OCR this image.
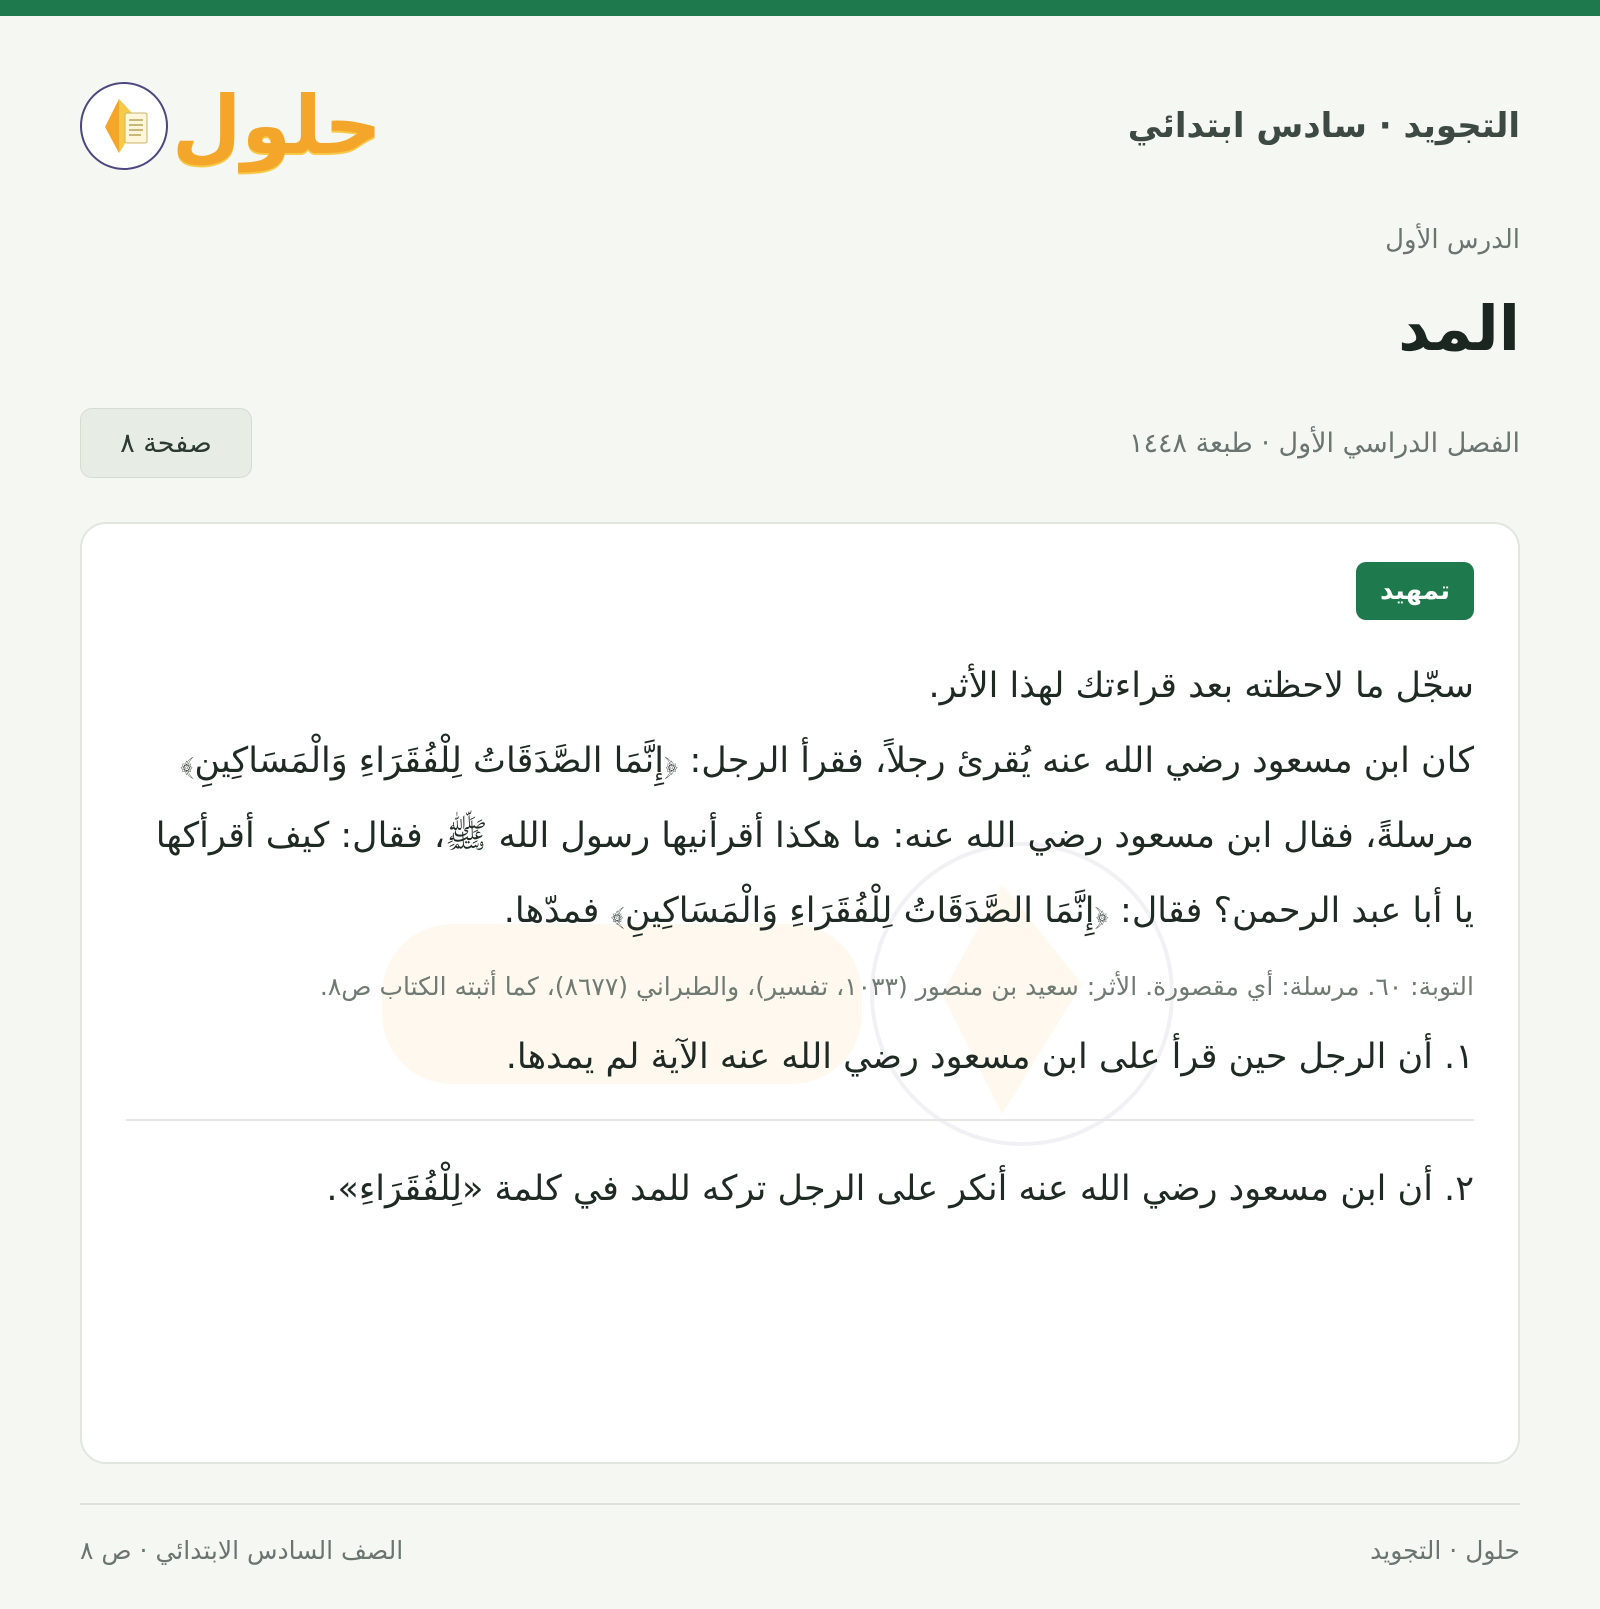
التجويد · سادس ابتدائي
حلول
الدرس الأول
المد
الفصل الدراسي الأول · طبعة ١٤٤٨
صفحة ٨
تمهيد

سجّل ما لاحظته بعد قراءتك لهذا الأثر.

كان ابن مسعود رضي الله عنه يُقرئ رجلاً، فقرأ الرجل: ﴿إِنَّمَا الصَّدَقَاتُ لِلْفُقَرَاءِ وَالْمَسَاكِينِ﴾ مرسلةً، فقال ابن مسعود رضي الله عنه: ما هكذا أقرأنيها رسول الله ﷺ، فقال: كيف أقرأكها يا أبا عبد الرحمن؟ فقال: ﴿إِنَّمَا الصَّدَقَاتُ لِلْفُقَرَاءِ وَالْمَسَاكِينِ﴾ فمدّها.

التوبة: ٦٠. مرسلة: أي مقصورة. الأثر: سعيد بن منصور (١٠٣٣، تفسير)، والطبراني (٨٦٧٧)، كما أثبته الكتاب ص٨.

١. أن الرجل حين قرأ على ابن مسعود رضي الله عنه الآية لم يمدها.

٢. أن ابن مسعود رضي الله عنه أنكر على الرجل تركه للمد في كلمة «لِلْفُقَرَاءِ».

حلول · التجويد
الصف السادس الابتدائي · ص ٨
